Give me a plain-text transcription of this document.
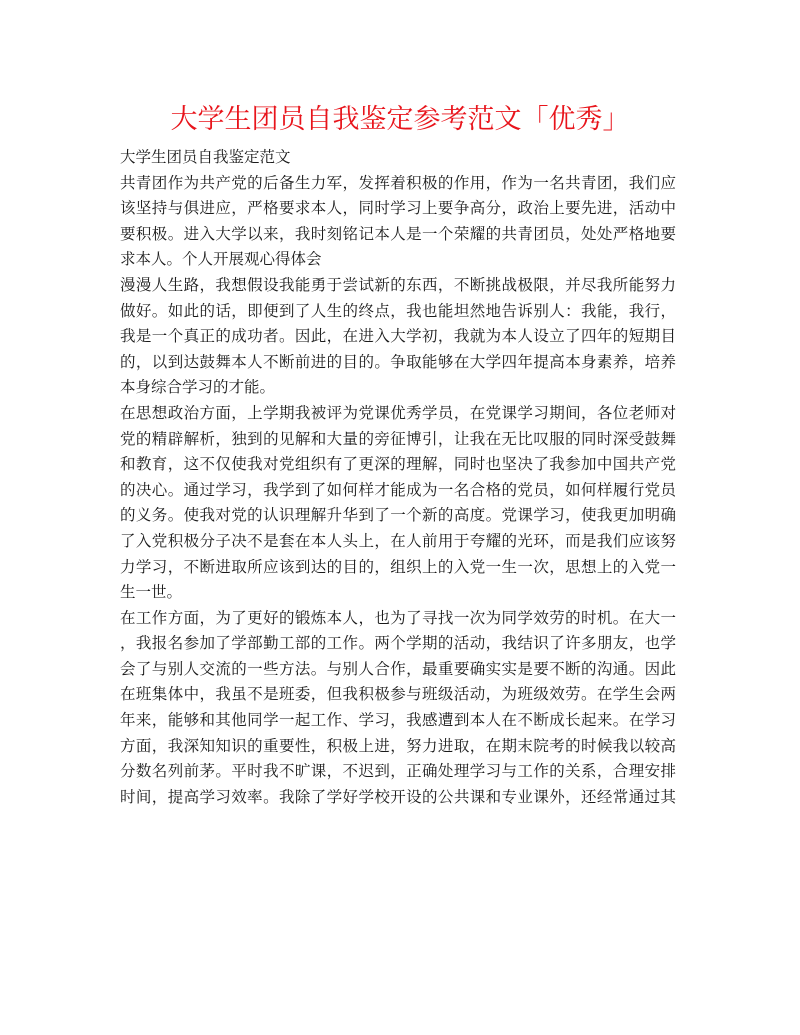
大学生团员自我鉴定参考范文「优秀」
大学生团员自我鉴定范文
共青团作为共产党的后备生力军，发挥着积极的作用，作为一名共青团，我们应
该坚持与俱进应，严格要求本人，同时学习上要争高分，政治上要先进，活动中
要积极。进入大学以来，我时刻铭记本人是一个荣耀的共青团员，处处严格地要
求本人。个人开展观心得体会
漫漫人生路，我想假设我能勇于尝试新的东西，不断挑战极限，并尽我所能努力
做好。如此的话，即便到了人生的终点，我也能坦然地告诉别人：我能，我行，
我是一个真正的成功者。因此，在进入大学初，我就为本人设立了四年的短期目
的，以到达鼓舞本人不断前进的目的。争取能够在大学四年提高本身素养，培养
本身综合学习的才能。
在思想政治方面，上学期我被评为党课优秀学员，在党课学习期间，各位老师对
党的精辟解析，独到的见解和大量的旁征博引，让我在无比叹服的同时深受鼓舞
和教育，这不仅使我对党组织有了更深的理解，同时也坚决了我参加中国共产党
的决心。通过学习，我学到了如何样才能成为一名合格的党员，如何样履行党员
的义务。使我对党的认识理解升华到了一个新的高度。党课学习，使我更加明确
了入党积极分子决不是套在本人头上，在人前用于夸耀的光环，而是我们应该努
力学习，不断进取所应该到达的目的，组织上的入党一生一次，思想上的入党一
生一世。
在工作方面，为了更好的锻炼本人，也为了寻找一次为同学效劳的时机。在大一
，我报名参加了学部勤工部的工作。两个学期的活动，我结识了许多朋友，也学
会了与别人交流的一些方法。与别人合作，最重要确实实是要不断的沟通。因此
在班集体中，我虽不是班委，但我积极参与班级活动，为班级效劳。在学生会两
年来，能够和其他同学一起工作、学习，我感遭到本人在不断成长起来。在学习
方面，我深知知识的重要性，积极上进，努力进取，在期末院考的时候我以较高
分数名列前茅。平时我不旷课，不迟到，正确处理学习与工作的关系，合理安排
时间，提高学习效率。我除了学好学校开设的公共课和专业课外，还经常通过其
